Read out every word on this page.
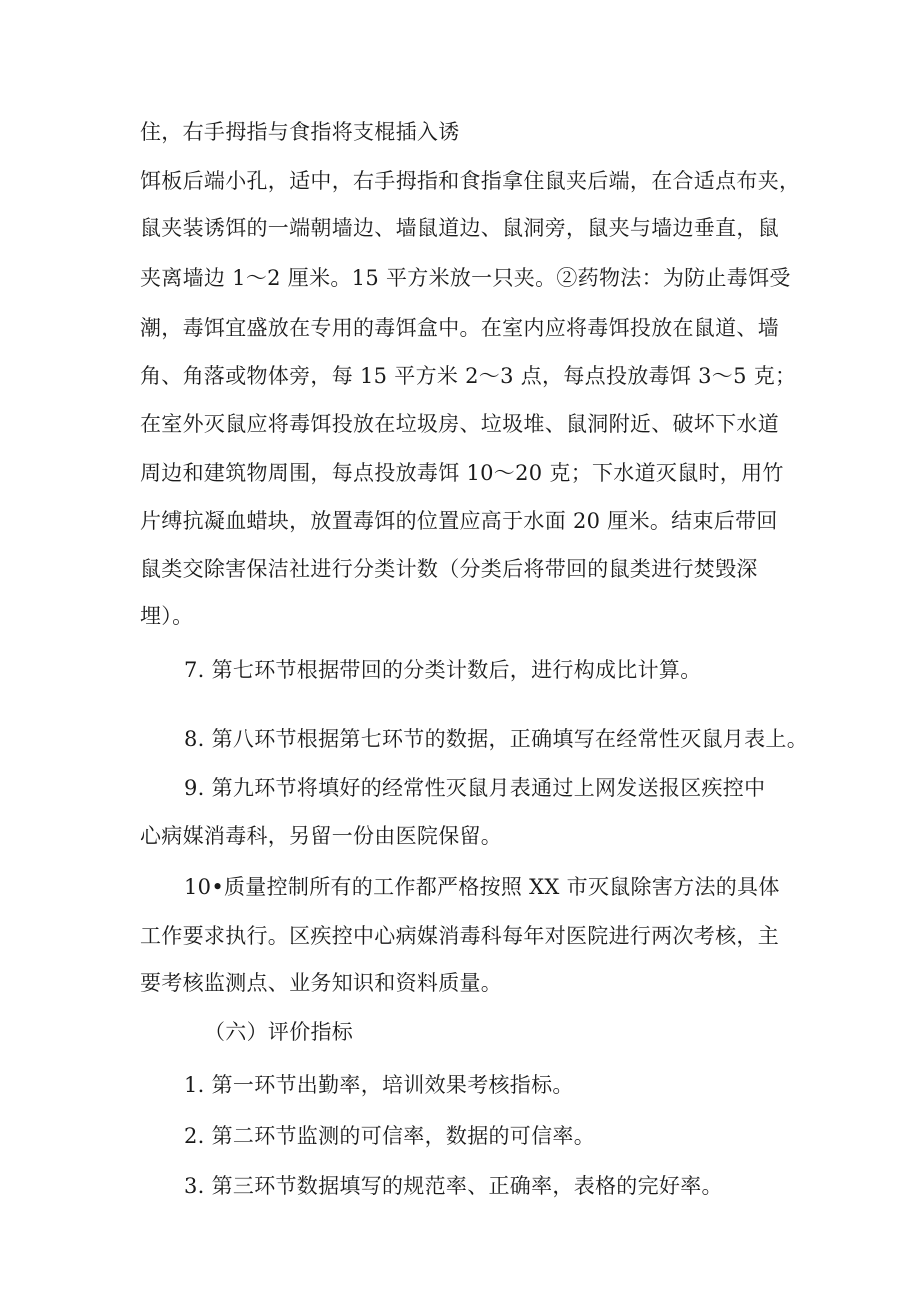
住，右手拇指与食指将支棍插入诱
饵板后端小孔，适中，右手拇指和食指拿住鼠夹后端，在合适点布夹，
鼠夹装诱饵的一端朝墙边、墙鼠道边、鼠洞旁，鼠夹与墙边垂直，鼠
夹离墙边 1～2 厘米。15 平方米放一只夹。②药物法：为防止毒饵受
潮，毒饵宜盛放在专用的毒饵盒中。在室内应将毒饵投放在鼠道、墙
角、角落或物体旁，每 15 平方米 2～3 点，每点投放毒饵 3～5 克；
在室外灭鼠应将毒饵投放在垃圾房、垃圾堆、鼠洞附近、破坏下水道
周边和建筑物周围，每点投放毒饵 10～20 克；下水道灭鼠时，用竹
片缚抗凝血蜡块，放置毒饵的位置应高于水面 20 厘米。结束后带回
鼠类交除害保洁社进行分类计数（分类后将带回的鼠类进行焚毁深
埋）。
7. 第七环节根据带回的分类计数后，进行构成比计算。
8. 第八环节根据第七环节的数据，正确填写在经常性灭鼠月表上。
9. 第九环节将填好的经常性灭鼠月表通过上网发送报区疾控中
心病媒消毒科，另留一份由医院保留。
10•质量控制所有的工作都严格按照 XX 市灭鼠除害方法的具体
工作要求执行。区疾控中心病媒消毒科每年对医院进行两次考核，主
要考核监测点、业务知识和资料质量。
（六）评价指标
1. 第一环节出勤率，培训效果考核指标。
2. 第二环节监测的可信率，数据的可信率。
3. 第三环节数据填写的规范率、正确率，表格的完好率。
